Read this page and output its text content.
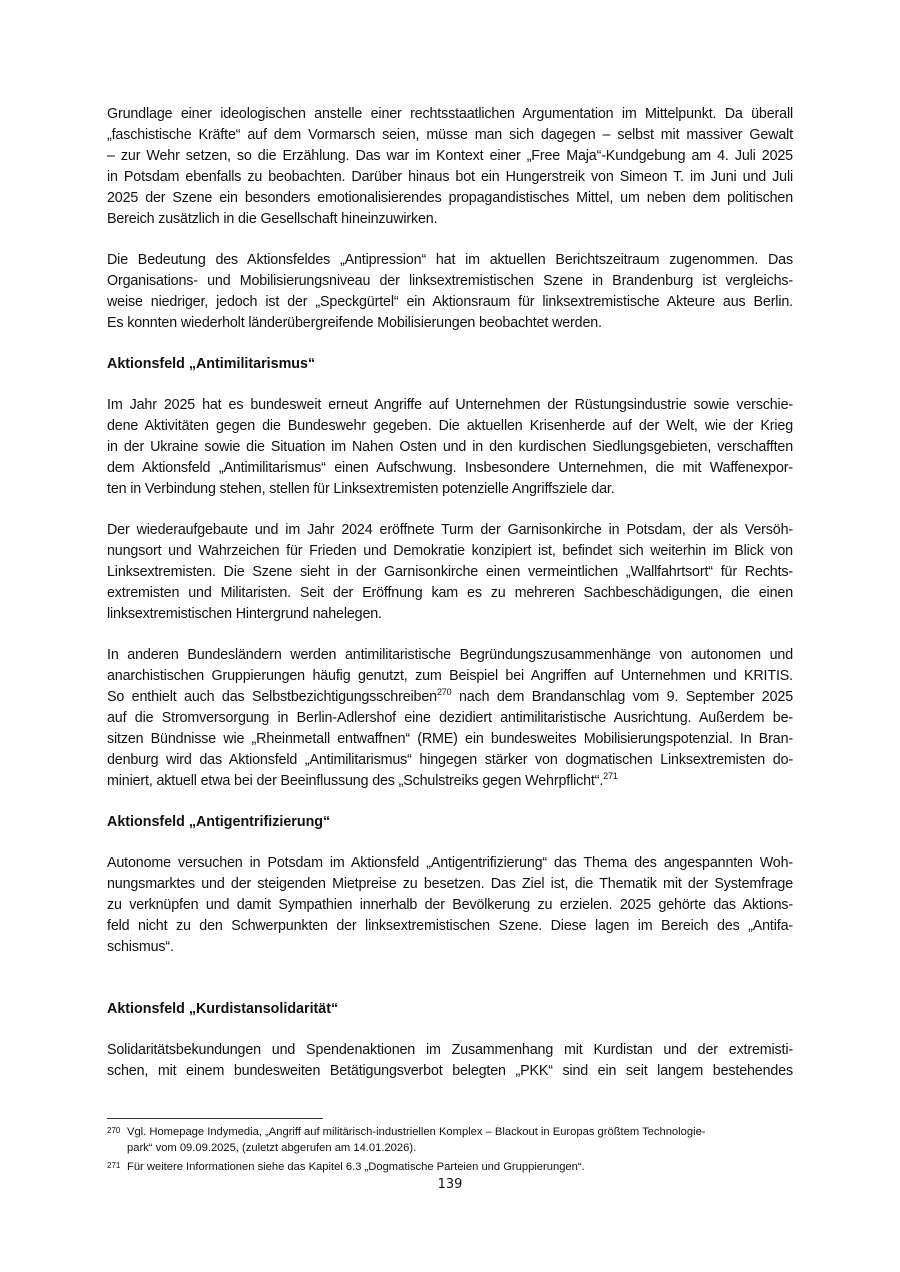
Grundlage einer ideologischen anstelle einer rechtsstaatlichen Argumentation im Mittelpunkt. Da überall
„faschistische Kräfte“ auf dem Vormarsch seien, müsse man sich dagegen – selbst mit massiver Gewalt
– zur Wehr setzen, so die Erzählung. Das war im Kontext einer „Free Maja“-Kundgebung am 4. Juli 2025
in Potsdam ebenfalls zu beobachten. Darüber hinaus bot ein Hungerstreik von Simeon T. im Juni und Juli
2025 der Szene ein besonders emotionalisierendes propagandistisches Mittel, um neben dem politischen
Bereich zusätzlich in die Gesellschaft hineinzuwirken.

Die Bedeutung des Aktionsfeldes „Antipression“ hat im aktuellen Berichtszeitraum zugenommen. Das
Organisations- und Mobilisierungsniveau der linksextremistischen Szene in Brandenburg ist vergleichs-
weise niedriger, jedoch ist der „Speckgürtel“ ein Aktionsraum für linksextremistische Akteure aus Berlin.
Es konnten wiederholt länderübergreifende Mobilisierungen beobachtet werden.

Aktionsfeld „Antimilitarismus“

Im Jahr 2025 hat es bundesweit erneut Angriffe auf Unternehmen der Rüstungsindustrie sowie verschie-
dene Aktivitäten gegen die Bundeswehr gegeben. Die aktuellen Krisenherde auf der Welt, wie der Krieg
in der Ukraine sowie die Situation im Nahen Osten und in den kurdischen Siedlungsgebieten, verschafften
dem Aktionsfeld „Antimilitarismus“ einen Aufschwung. Insbesondere Unternehmen, die mit Waffenexpor-
ten in Verbindung stehen, stellen für Linksextremisten potenzielle Angriffsziele dar.

Der wiederaufgebaute und im Jahr 2024 eröffnete Turm der Garnisonkirche in Potsdam, der als Versöh-
nungsort und Wahrzeichen für Frieden und Demokratie konzipiert ist, befindet sich weiterhin im Blick von
Linksextremisten. Die Szene sieht in der Garnisonkirche einen vermeintlichen „Wallfahrtsort“ für Rechts-
extremisten und Militaristen. Seit der Eröffnung kam es zu mehreren Sachbeschädigungen, die einen
linksextremistischen Hintergrund nahelegen.

In anderen Bundesländern werden antimilitaristische Begründungszusammenhänge von autonomen und
anarchistischen Gruppierungen häufig genutzt, zum Beispiel bei Angriffen auf Unternehmen und KRITIS.
So enthielt auch das Selbstbezichtigungsschreiben$^{270}$ nach dem Brandanschlag vom 9. September 2025
auf die Stromversorgung in Berlin-Adlershof eine dezidiert antimilitaristische Ausrichtung. Außerdem be-
sitzen Bündnisse wie „Rheinmetall entwaffnen“ (RME) ein bundesweites Mobilisierungspotenzial. In Bran-
denburg wird das Aktionsfeld „Antimilitarismus“ hingegen stärker von dogmatischen Linksextremisten do-
miniert, aktuell etwa bei der Beeinflussung des „Schulstreiks gegen Wehrpflicht“.$^{271}$

Aktionsfeld „Antigentrifizierung“

Autonome versuchen in Potsdam im Aktionsfeld „Antigentrifizierung“ das Thema des angespannten Woh-
nungsmarktes und der steigenden Mietpreise zu besetzen. Das Ziel ist, die Thematik mit der Systemfrage
zu verknüpfen und damit Sympathien innerhalb der Bevölkerung zu erzielen. 2025 gehörte das Aktions-
feld nicht zu den Schwerpunkten der linksextremistischen Szene. Diese lagen im Bereich des „Antifa-
schismus“.

Aktionsfeld „Kurdistansolidarität“

Solidaritätsbekundungen und Spendenaktionen im Zusammenhang mit Kurdistan und der extremisti-
schen, mit einem bundesweiten Betätigungsverbot belegten „PKK“ sind ein seit langem bestehendes

270 Vgl. Homepage Indymedia, „Angriff auf militärisch-industriellen Komplex – Blackout in Europas größtem Technologie-
park“ vom 09.09.2025, (zuletzt abgerufen am 14.01.2026).
271 Für weitere Informationen siehe das Kapitel 6.3 „Dogmatische Parteien und Gruppierungen“.
139
